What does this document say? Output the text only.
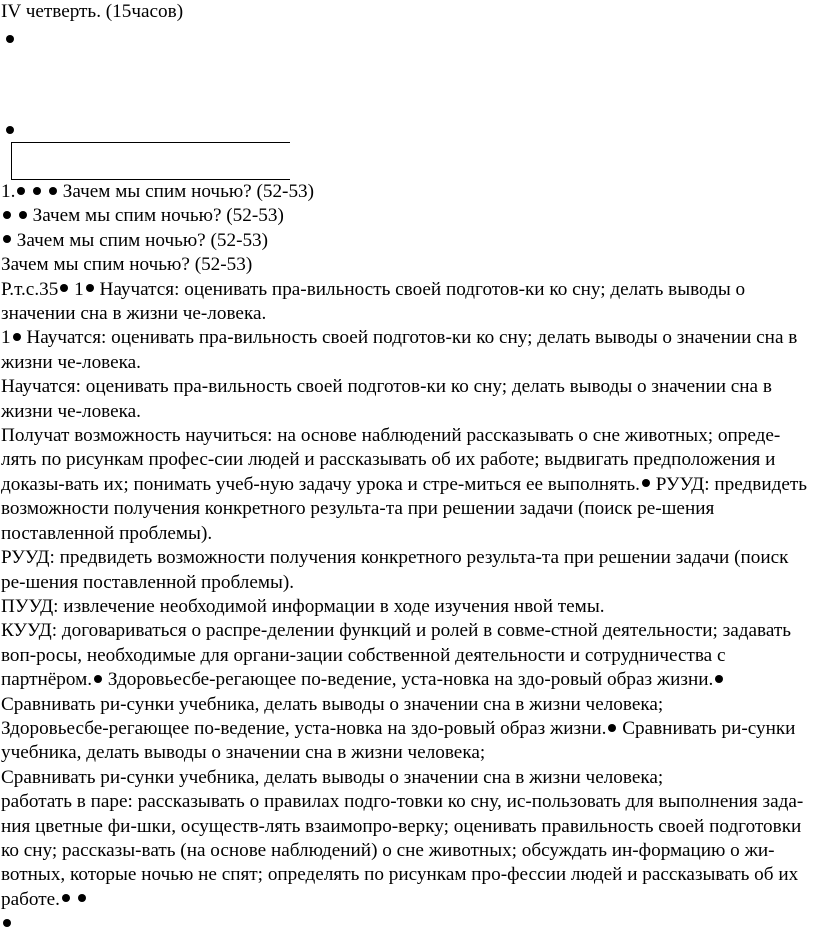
IV четверть. (15часов)
1. Зачем мы спим ночью? (52-53)
Зачем мы спим ночью? (52-53)
Зачем мы спим ночью? (52-53)
Зачем мы спим ночью? (52-53)
Р.т.с.35 1 Научатся: оценивать пра-вильность своей подготов-ки ко сну; делать выводы о значении сна в жизни че-ловека.
1 Научатся: оценивать пра-вильность своей подготов-ки ко сну; делать выводы о значении сна в жизни че-ловека.
Научатся: оценивать пра-вильность своей подготов-ки ко сну; делать выводы о значении сна в жизни че-ловека.
Получат возможность научиться: на основе наблюдений рассказывать о сне животных; опреде-лять по рисункам профес-сии людей и рассказывать об их работе; выдвигать предположения и доказы-вать их; понимать учеб-ную задачу урока и стре-миться ее выполнять. РУУД: предвидеть возможности получения конкретного результа-та при решении задачи (поиск ре-шения поставленной проблемы).
РУУД: предвидеть возможности получения конкретного результа-та при решении задачи (поиск ре-шения поставленной проблемы).
ПУУД: извлечение необходимой информации в ходе изучения нвой темы.
КУУД: договариваться о распре-делении функций и ролей в совме-стной деятельности; задавать воп-росы, необходимые для органи-зации собственной деятельности и сотрудничества с партнёром. Здоровьесбе-регающее по-ведение, уста-новка на здо-ровый образ жизни. Сравнивать ри-сунки учебника, делать выводы о значении сна в жизни человека;
Здоровьесбе-регающее по-ведение, уста-новка на здо-ровый образ жизни. Сравнивать ри-сунки учебника, делать выводы о значении сна в жизни человека;
Сравнивать ри-сунки учебника, делать выводы о значении сна в жизни человека;
работать в паре: рассказывать о правилах подго-товки ко сну, ис-пользовать для выполнения зада-ния цветные фи-шки, осуществ-лять взаимопро-верку; оценивать правильность своей подготовки ко сну; рассказы-вать (на основе наблюдений) о сне животных; обсуждать ин-формацию о жи-вотных, которые ночью не спят; определять по рисункам про-фессии людей и рассказывать об их работе.
